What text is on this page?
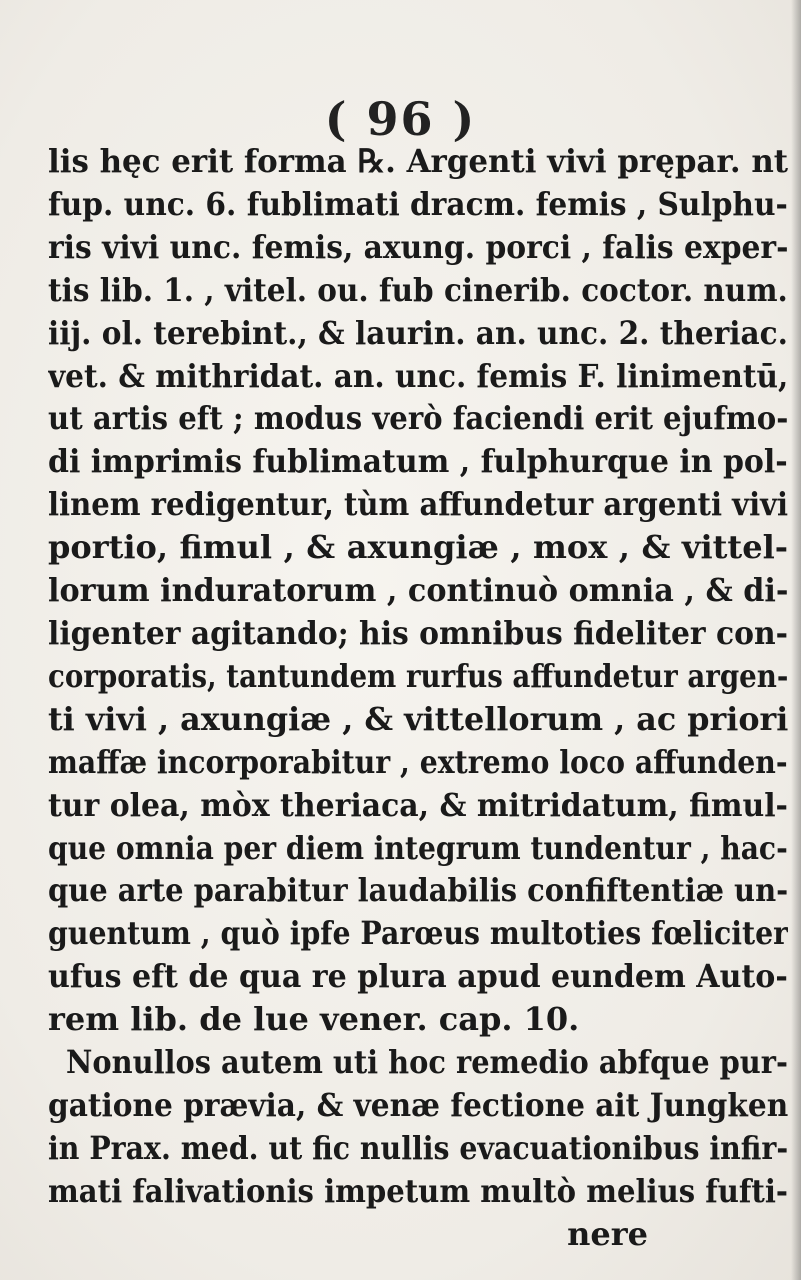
( 96 )
lis hęc erit forma ℞. Argenti vivi prępar. nt
fup. unc. 6. fublimati dracm. femis , Sulphu-
ris vivi unc. femis, axung. porci , falis exper-
tis lib. 1. , vitel. ou. fub cinerib. coctor. num.
iij. ol. terebint., & laurin. an. unc. 2. theriac.
vet. & mithridat. an. unc. femis F. linimentū,
ut artis eft ; modus verò faciendi erit ejufmo-
di imprimis fublimatum , fulphurque in pol-
linem redigentur, tùm affundetur argenti vivi
portio, fimul , & axungiæ , mox , & vittel-
lorum induratorum , continuò omnia , & di-
ligenter agitando; his omnibus fideliter con-
corporatis, tantundem rurfus affundetur argen-
ti vivi , axungiæ , & vittellorum , ac priori
maffæ incorporabitur , extremo loco affunden-
tur olea, mòx theriaca, & mitridatum, fimul-
que omnia per diem integrum tundentur , hac-
que arte parabitur laudabilis confiftentiæ un-
guentum , quò ipfe Parœus multoties fœliciter
ufus eft de qua re plura apud eundem Auto-
rem lib. de lue vener. cap. 10.
Nonullos autem uti hoc remedio abfque pur-
gatione prævia, & venæ fectione ait Jungken
in Prax. med. ut fic nullis evacuationibus infir-
mati falivationis impetum multò melius fufti-
nere
